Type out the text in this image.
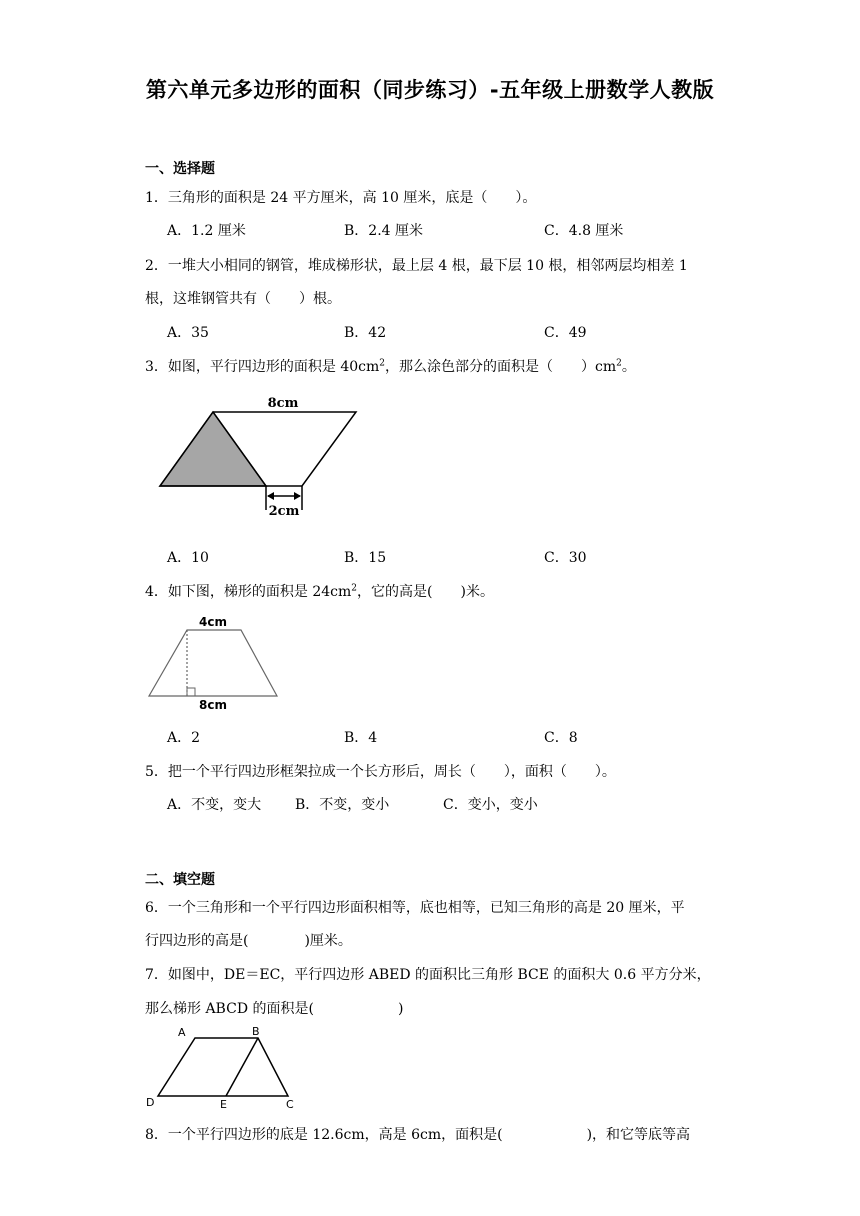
第六单元多边形的面积（同步练习）-五年级上册数学人教版
一、选择题
1．三角形的面积是 24 平方厘米，高 10 厘米，底是（　　）。
A．1.2 厘米	B．2.4 厘米	C．4.8 厘米
2．一堆大小相同的钢管，堆成梯形状，最上层 4 根，最下层 10 根，相邻两层均相差 1
根，这堆钢管共有（　　）根。
A．35	B．42	C．49
3．如图，平行四边形的面积是 $40cm^2$，那么涂色部分的面积是（　　）$cm^2$。
8cm
2cm
A．10	B．15	C．30
4．如下图，梯形的面积是 $24cm^2$，它的高是(　　)米。
4cm
8cm
A．2	B．4	C．8
5．把一个平行四边形框架拉成一个长方形后，周长（　　），面积（　　）。
A．不变，变大 B．不变，变小	C．变小，变小
二、填空题
6．一个三角形和一个平行四边形面积相等，底也相等，已知三角形的高是 20 厘米，平
行四边形的高是(　　　　)厘米。
7．如图中，DE＝EC，平行四边形 ABED 的面积比三角形 BCE 的面积大 0.6 平方分米，
那么梯形 ABCD 的面积是(　　　　　　)
A	B
C
D	E
8．一个平行四边形的底是 12.6cm，高是 6cm，面积是(　　　　　　)，和它等底等高
